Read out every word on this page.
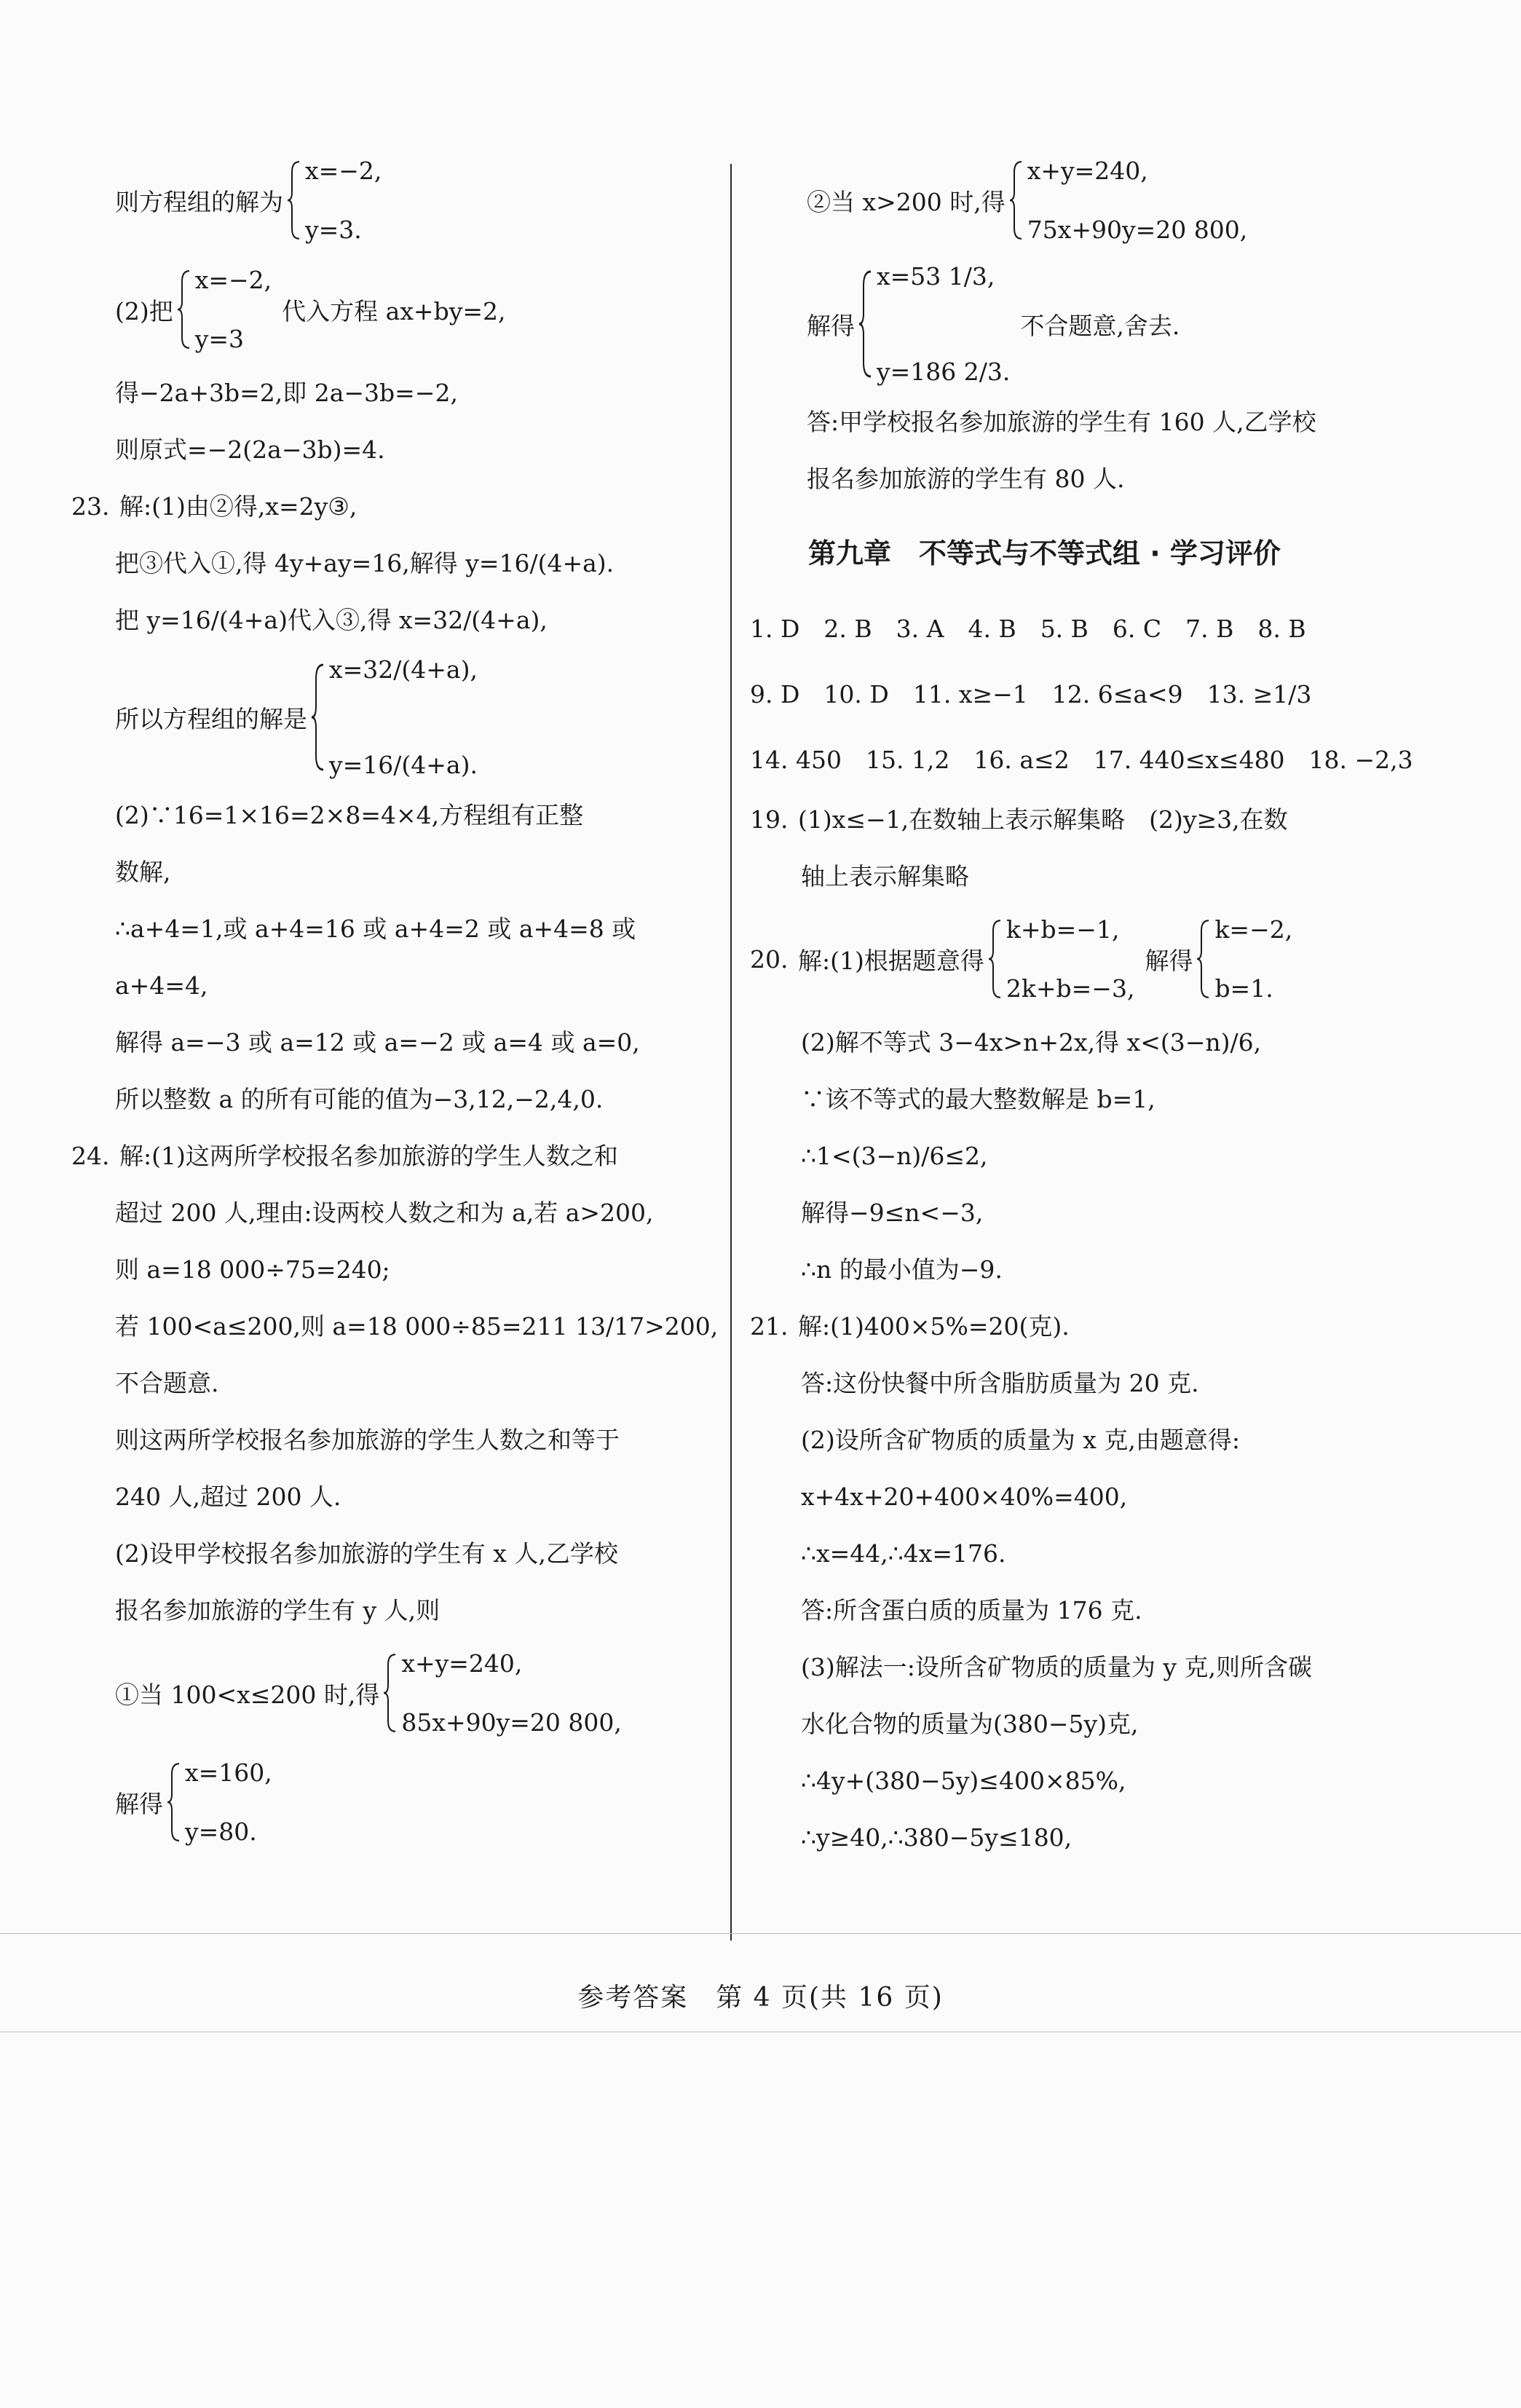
则方程组的解为
x=−2,
y=3.
(2)把
x=−2,
y=3
代入方程 ax+by=2,
得−2a+3b=2,即 2a−3b=−2,
则原式=−2(2a−3b)=4.
23. 解:(1)由②得,x=2y③,
把③代入①,得 4y+ay=16,解得 y=16/(4+a).
把 y=16/(4+a)代入③,得 x=32/(4+a),
所以方程组的解是
x=32/(4+a),
y=16/(4+a).
(2)∵16=1×16=2×8=4×4,方程组有正整
数解,
∴a+4=1,或 a+4=16 或 a+4=2 或 a+4=8 或
a+4=4,
解得 a=−3 或 a=12 或 a=−2 或 a=4 或 a=0,
所以整数 a 的所有可能的值为−3,12,−2,4,0.
24. 解:(1)这两所学校报名参加旅游的学生人数之和
超过 200 人,理由:设两校人数之和为 a,若 a>200,
则 a=18 000÷75=240;
若 100<a≤200,则 a=18 000÷85=211 13/17>200,
不合题意.
则这两所学校报名参加旅游的学生人数之和等于
240 人,超过 200 人.
(2)设甲学校报名参加旅游的学生有 x 人,乙学校
报名参加旅游的学生有 y 人,则
①当 100<x≤200 时,得
x+y=240,
85x+90y=20 800,
解得
x=160,
y=80.
②当 x>200 时,得
x+y=240,
75x+90y=20 800,
解得
x=53 1/3,
y=186 2/3.
不合题意,舍去.
答:甲学校报名参加旅游的学生有 160 人,乙学校
报名参加旅游的学生有 80 人.
第九章　不等式与不等式组 · 学习评价
1. D　2. B　3. A　4. B　5. B　6. C　7. B　8. B
9. D　10. D　11. x≥−1　12. 6≤a<9　13. ≥1/3
14. 450　15. 1,2　16. a≤2　17. 440≤x≤480　18. −2,3
19. (1)x≤−1,在数轴上表示解集略　(2)y≥3,在数
轴上表示解集略
20. 解:(1)根据题意得
k+b=−1,
2k+b=−3,
解得
k=−2,
b=1.
(2)解不等式 3−4x>n+2x,得 x<(3−n)/6,
∵该不等式的最大整数解是 b=1,
∴1<(3−n)/6≤2,
解得−9≤n<−3,
∴n 的最小值为−9.
21. 解:(1)400×5%=20(克).
答:这份快餐中所含脂肪质量为 20 克.
(2)设所含矿物质的质量为 x 克,由题意得:
x+4x+20+400×40%=400,
∴x=44,∴4x=176.
答:所含蛋白质的质量为 176 克.
(3)解法一:设所含矿物质的质量为 y 克,则所含碳
水化合物的质量为(380−5y)克,
∴4y+(380−5y)≤400×85%,
∴y≥40,∴380−5y≤180,
参考答案　第 4 页(共 16 页)
